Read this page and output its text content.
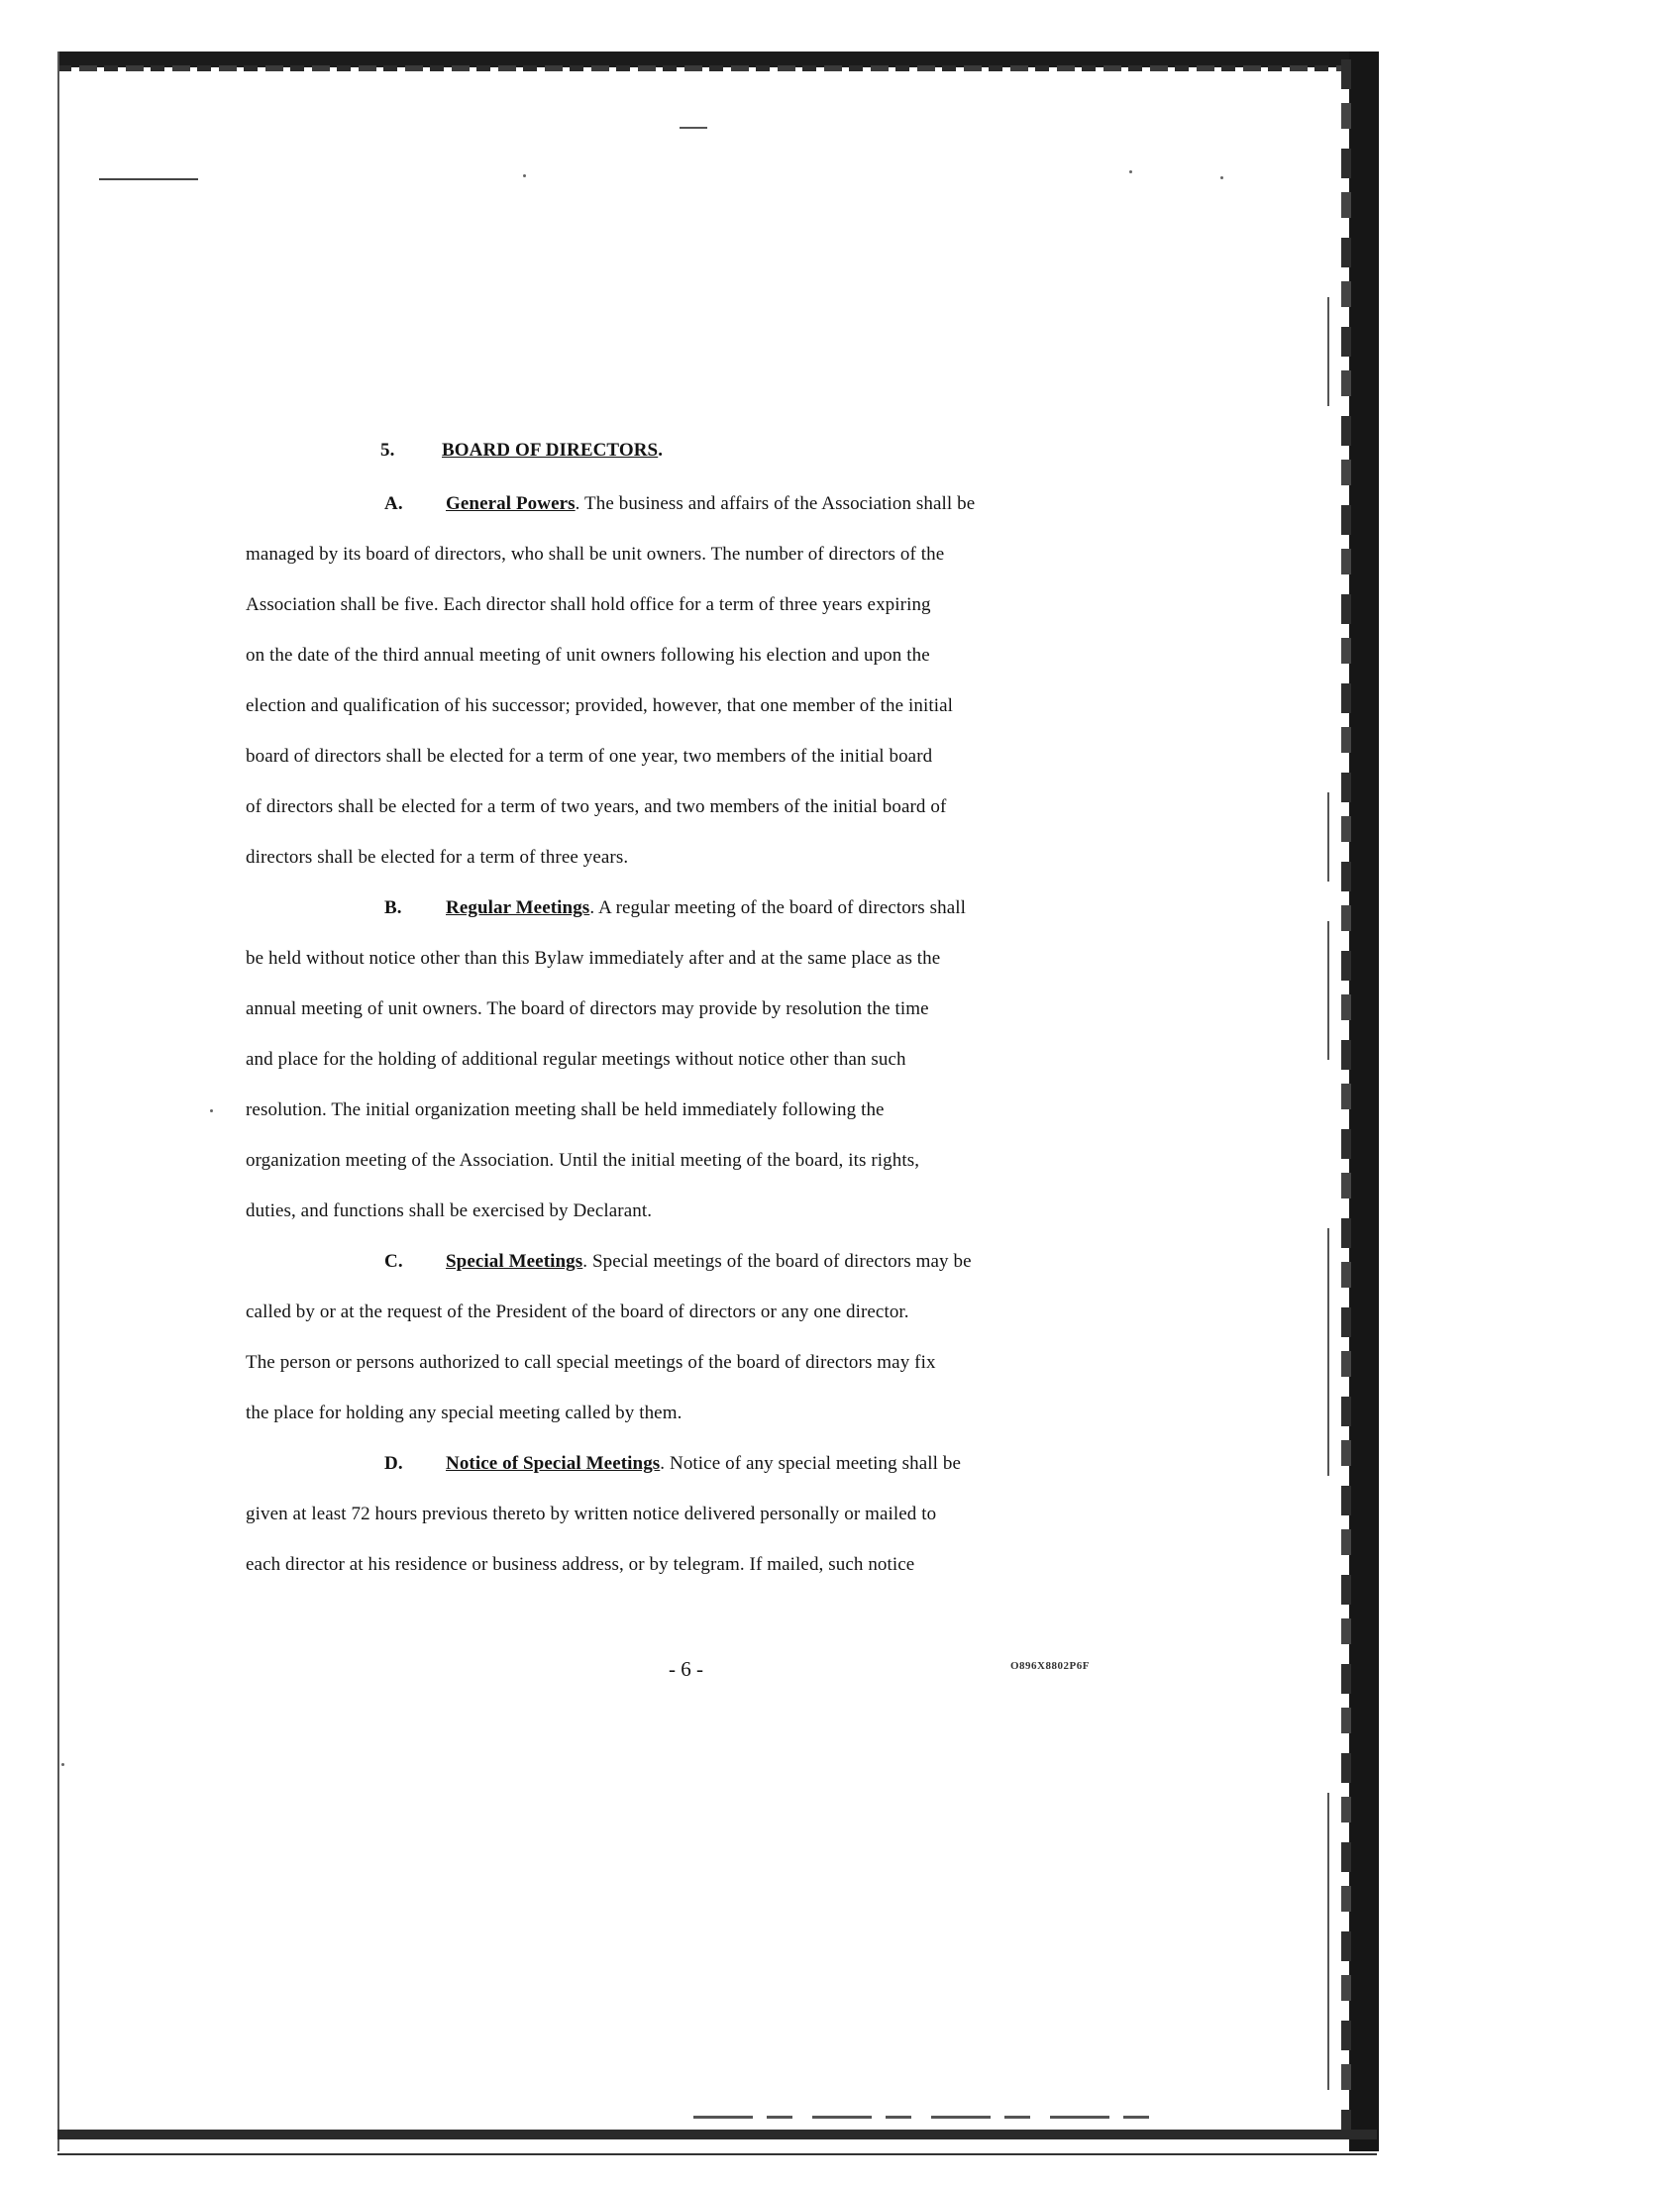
5.	BOARD OF DIRECTORS.
A. General Powers. The business and affairs of the Association shall be
managed by its board of directors, who shall be unit owners. The number of directors of the
Association shall be five. Each director shall hold office for a term of three years expiring
on the date of the third annual meeting of unit owners following his election and upon the
election and qualification of his successor; provided, however, that one member of the initial
board of directors shall be elected for a term of one year, two members of the initial board
of directors shall be elected for a term of two years, and two members of the initial board of
directors shall be elected for a term of three years.
B. Regular Meetings. A regular meeting of the board of directors shall
be held without notice other than this Bylaw immediately after and at the same place as the
annual meeting of unit owners. The board of directors may provide by resolution the time
and place for the holding of additional regular meetings without notice other than such
resolution. The initial organization meeting shall be held immediately following the
organization meeting of the Association. Until the initial meeting of the board, its rights,
duties, and functions shall be exercised by Declarant.
C. Special Meetings. Special meetings of the board of directors may be
called by or at the request of the President of the board of directors or any one director.
The person or persons authorized to call special meetings of the board of directors may fix
the place for holding any special meeting called by them.
D. Notice of Special Meetings. Notice of any special meeting shall be
given at least 72 hours previous thereto by written notice delivered personally or mailed to
each director at his residence or business address, or by telegram. If mailed, such notice
- 6 -	O896X8802P6F
